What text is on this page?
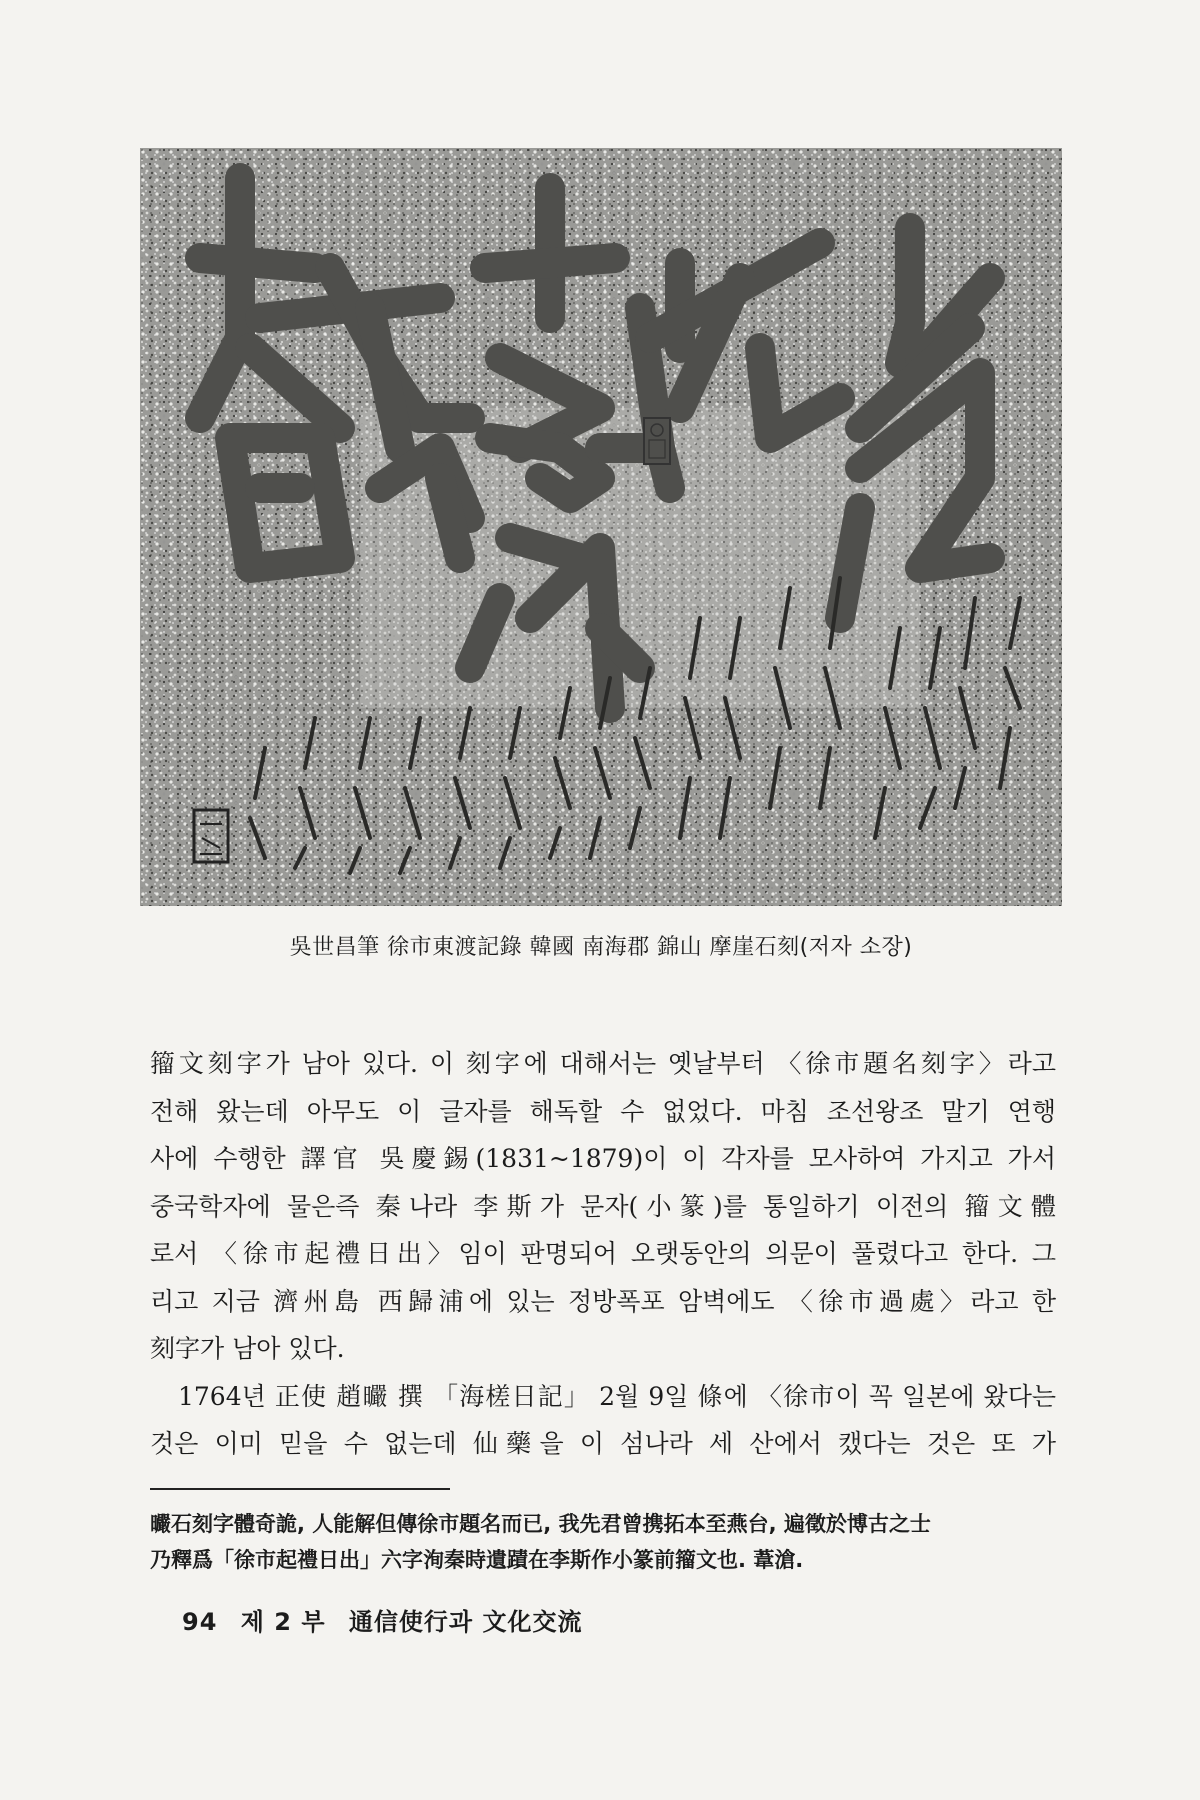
吳世昌筆 徐市東渡記錄 韓國 南海郡 錦山 摩崖石刻(저자 소장)
籀文刻字가 남아 있다. 이 刻字에 대해서는 옛날부터 〈徐市題名刻字〉라고
전해 왔는데 아무도 이 글자를 해독할 수 없었다. 마침 조선왕조 말기 연행
사에 수행한 譯官 吳慶錫(1831~1879)이 이 각자를 모사하여 가지고 가서
중국학자에 물은즉 秦나라 李斯가 문자(小篆)를 통일하기 이전의 籀文體
로서 〈徐市起禮日出〉임이 판명되어 오랫동안의 의문이 풀렸다고 한다. 그
리고 지금 濟州島 西歸浦에 있는 정방폭포 암벽에도 〈徐市過處〉라고 한
刻字가 남아 있다.
1764년 正使 趙曮 撰 「海槎日記」 2월 9일 條에 〈徐市이 꼭 일본에 왔다는
것은 이미 믿을 수 없는데 仙藥을 이 섬나라 세 산에서 캤다는 것은 또 가
曮石刻字體奇詭, 人能解但傳徐市題名而已, 我先君曾携拓本至燕台, 遍徵於博古之士
乃釋爲「徐市起禮日出」六字洵秦時遺蹟在李斯作小篆前籀文也. 葦滄.
94 제 2 부 通信使行과 文化交流
